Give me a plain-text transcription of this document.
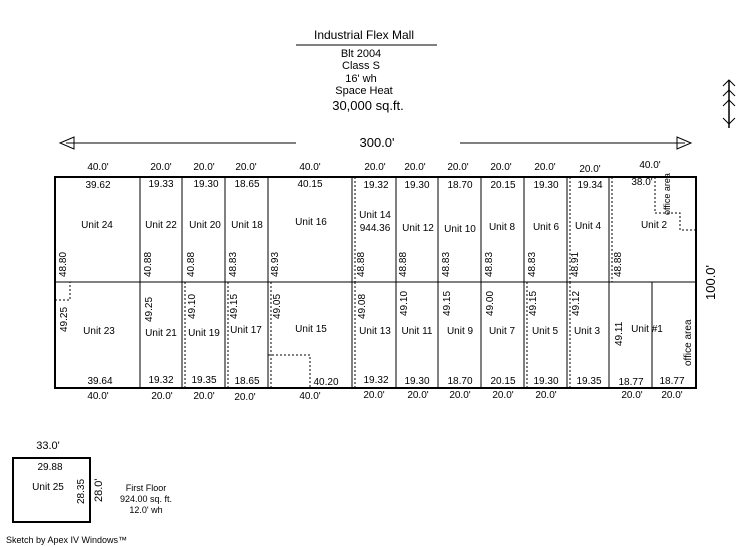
Industrial Flex Mall
Blt 2004
Class S
16' wh
Space Heat
30,000 sq.ft.
300.0'
100.0'
40.0'	20.0' 20.0' 20.0'	40.0'	20.0' 20.0' 20.0' 20.0' 20.0' 20.0'	40.0'
39.62	19.33 19.30 18.65	40.15	19.32 19.30 18.70 20.15 19.30 19.34	38.0'
Unit 24	Unit 22 Unit 20 Unit 18	Unit 16
Unit 14
944.36 Unit 12 Unit 10 Unit 8 Unit 6 Unit 4	Unit 2
office area
office area
48.80	40.88	40.88	48.83	48.93	48.88	48.88	48.83	48.83	48.83	48.91	48.88
49.25	49.25	49.10	49.15	49.05	49.08	49.10	49.15	49.00	49.15	49.12
49.11
Unit 23	Unit 21 Unit 19 Unit 17	Unit 15	Unit 13 Unit 11 Unit 9 Unit 7 Unit 5 Unit 3	Unit #1
39.64	19.32 19.35 18.65	40.20 19.32 19.30 18.70 20.15 19.30 19.35 18.77 18.77
40.0'	20.0' 20.0' 20.0'	40.0'	20.0' 20.0' 20.0' 20.0' 20.0'	20.0' 20.0'
33.0'
29.88
Unit 25 28.35 28.0' First Floor
924.00 sq. ft.
12.0' wh
Sketch by Apex IV Windows™
